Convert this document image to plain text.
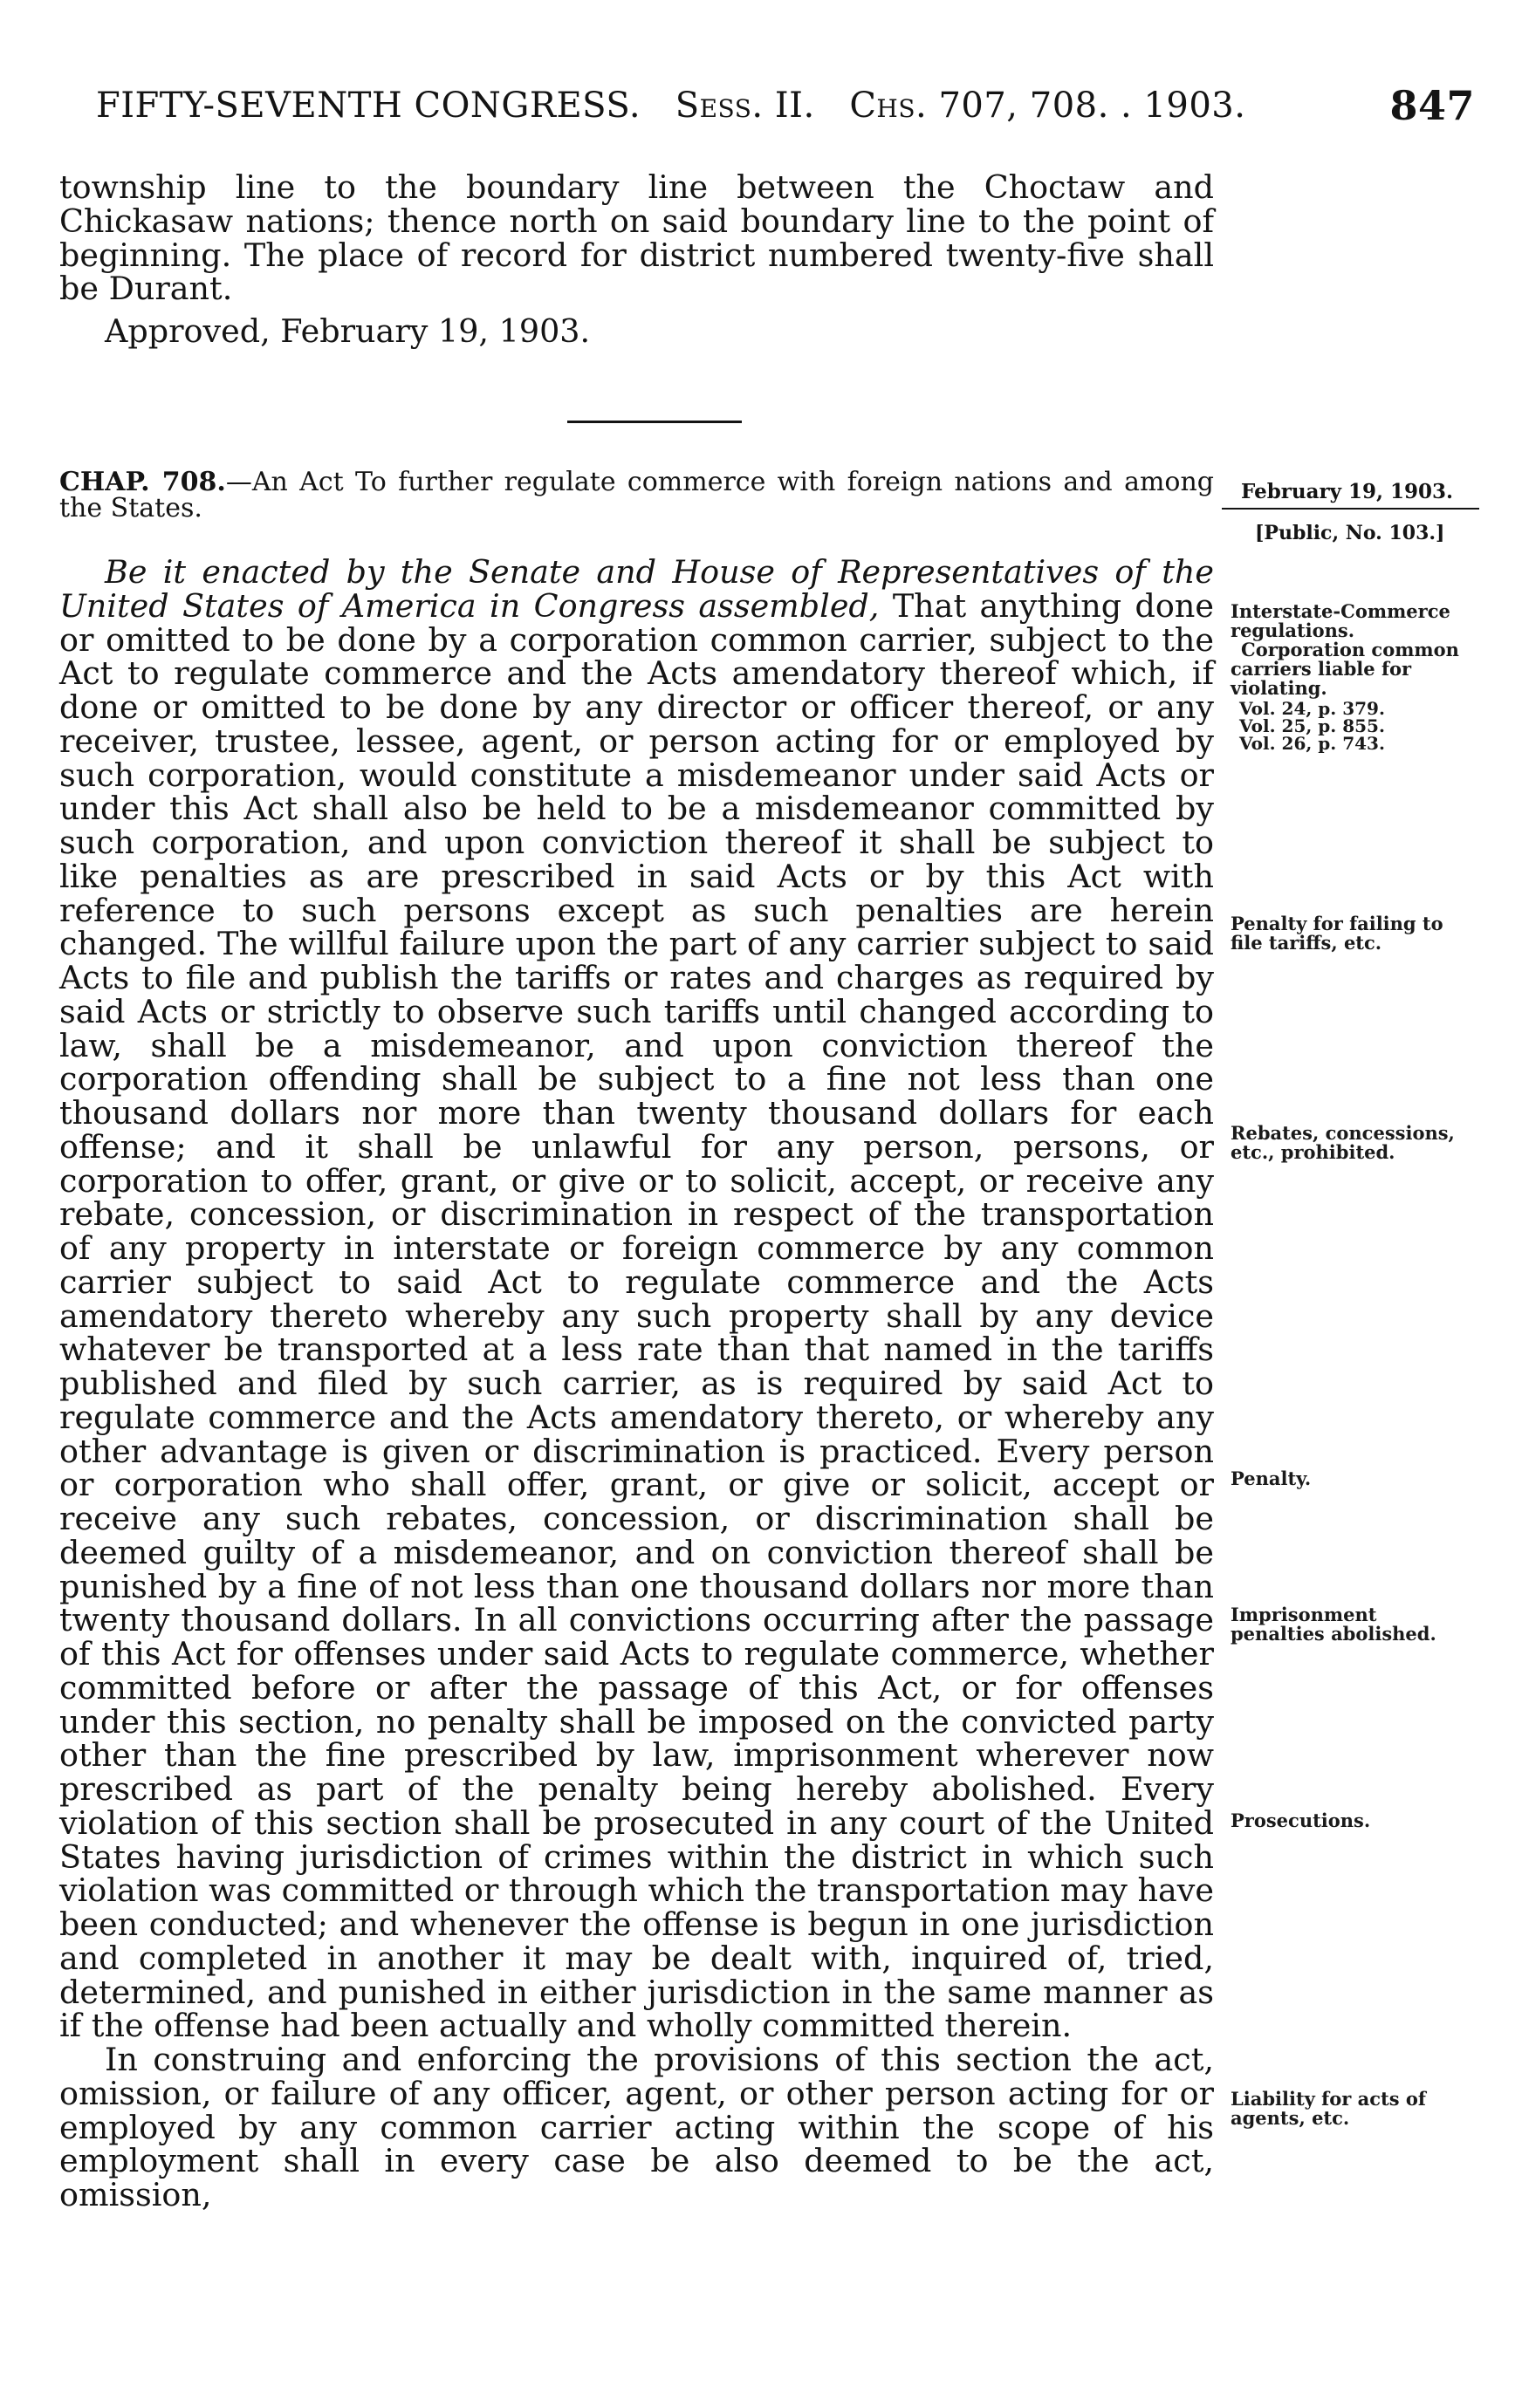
FIFTY-SEVENTH CONGRESS. Sess. II. Chs. 707, 708. . 1903.	847

township line to the boundary line between the Choctaw and Chickasaw nations; thence north on said boundary line to the point of beginning. The place of record for district numbered twenty-five shall be Durant.

Approved, February 19, 1903.

CHAP. 708.—An Act To further regulate commerce with foreign nations and among the States.
February 19, 1903.
[Public, No. 103.]

Be it enacted by the Senate and House of Representatives of the United States of America in Congress assembled, That anything done or omitted to be done by a corporation common carrier, subject to the Act to regulate commerce and the Acts amendatory thereof which, if done or omitted to be done by any director or officer thereof, or any receiver, trustee, lessee, agent, or person acting for or employed by such corporation, would constitute a misdemeanor under said Acts or under this Act shall also be held to be a misdemeanor committed by such corporation, and upon conviction thereof it shall be subject to like penalties as are prescribed in said Acts or by this Act with reference to such persons except as such penalties are herein changed. The willful failure upon the part of any carrier subject to said Acts to file and publish the tariffs or rates and charges as required by said Acts or strictly to observe such tariffs until changed according to law, shall be a misdemeanor, and upon conviction thereof the corporation offending shall be subject to a fine not less than one thousand dollars nor more than twenty thousand dollars for each offense; and it shall be unlawful for any person, persons, or corporation to offer, grant, or give or to solicit, accept, or receive any rebate, concession, or discrimination in respect of the transportation of any property in interstate or foreign commerce by any common carrier subject to said Act to regulate commerce and the Acts amendatory thereto whereby any such property shall by any device whatever be transported at a less rate than that named in the tariffs published and filed by such carrier, as is required by said Act to regulate commerce and the Acts amendatory thereto, or whereby any other advantage is given or discrimination is practiced. Every person or corporation who shall offer, grant, or give or solicit, accept or receive any such rebates, concession, or discrimination shall be deemed guilty of a misdemeanor, and on conviction thereof shall be punished by a fine of not less than one thousand dollars nor more than twenty thousand dollars. In all convictions occurring after the passage of this Act for offenses under said Acts to regulate commerce, whether committed before or after the passage of this Act, or for offenses under this section, no penalty shall be imposed on the convicted party other than the fine prescribed by law, imprisonment wherever now prescribed as part of the penalty being hereby abolished. Every violation of this section shall be prosecuted in any court of the United States having jurisdiction of crimes within the district in which such violation was committed or through which the transportation may have been conducted; and whenever the offense is begun in one jurisdiction and completed in another it may be dealt with, inquired of, tried, determined, and punished in either jurisdiction in the same manner as if the offense had been actually and wholly committed therein.

In construing and enforcing the provisions of this section the act, omission, or failure of any officer, agent, or other person acting for or employed by any common carrier acting within the scope of his employment shall in every case be also deemed to be the act, omission,

Interstate-Commerce regulations.
Corporation common carriers liable for violating.
Vol. 24, p. 379.
Vol. 25, p. 855.
Vol. 26, p. 743.
Penalty for failing to file tariffs, etc.
Rebates, concessions, etc., prohibited.
Penalty.
Imprisonment penalties abolished.
Prosecutions.
Liability for acts of agents, etc.
